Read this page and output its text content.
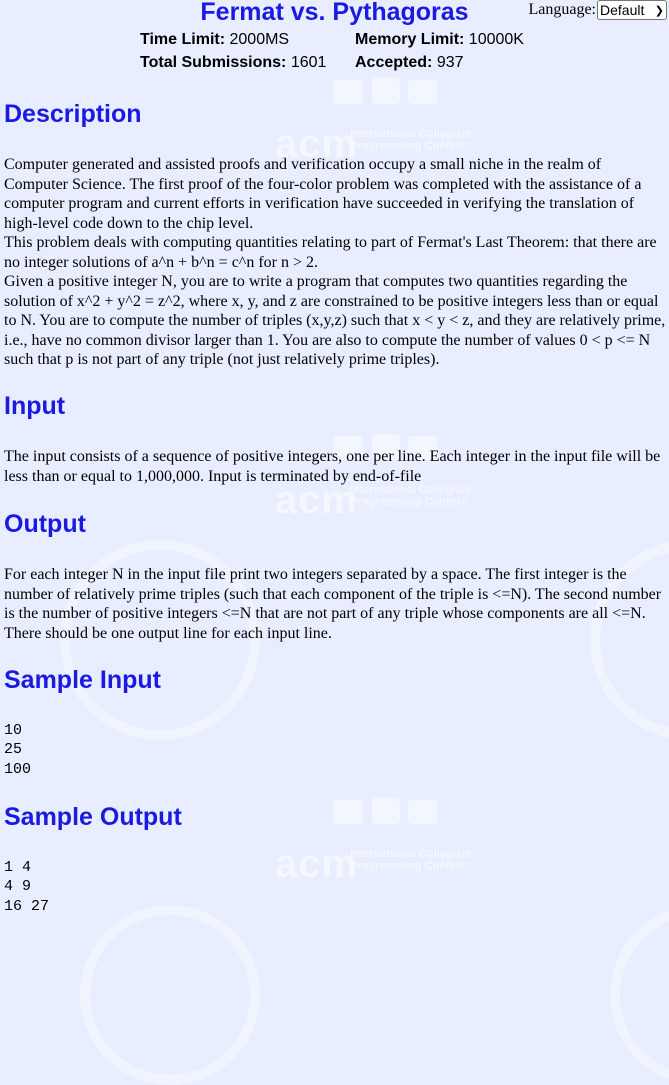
acm
International Collegiate
Programming Contest
acm
International Collegiate
Programming Contest
acm
International Collegiate
Programming Contest
Fermat vs. Pythagoras	Language: Default ❯
Time Limit: 2000MS	Memory Limit: 10000K
Total Submissions: 1601	Accepted: 937
Description
Computer generated and assisted proofs and verification occupy a small niche in the realm of Computer Science. The first proof of the four-color problem was completed with the assistance of a computer program and current efforts in verification have succeeded in verifying the translation of high-level code down to the chip level.
This problem deals with computing quantities relating to part of Fermat's Last Theorem: that there are no integer solutions of a^n + b^n = c^n for n > 2.
Given a positive integer N, you are to write a program that computes two quantities regarding the solution of x^2 + y^2 = z^2, where x, y, and z are constrained to be positive integers less than or equal to N. You are to compute the number of triples (x,y,z) such that x < y < z, and they are relatively prime, i.e., have no common divisor larger than 1. You are also to compute the number of values 0 < p <= N such that p is not part of any triple (not just relatively prime triples).
Input
The input consists of a sequence of positive integers, one per line. Each integer in the input file will be less than or equal to 1,000,000. Input is terminated by end-of-file
Output
For each integer N in the input file print two integers separated by a space. The first integer is the number of relatively prime triples (such that each component of the triple is <=N). The second number is the number of positive integers <=N that are not part of any triple whose components are all <=N. There should be one output line for each input line.
Sample Input
10
25
100
Sample Output
1 4
4 9
16 27
